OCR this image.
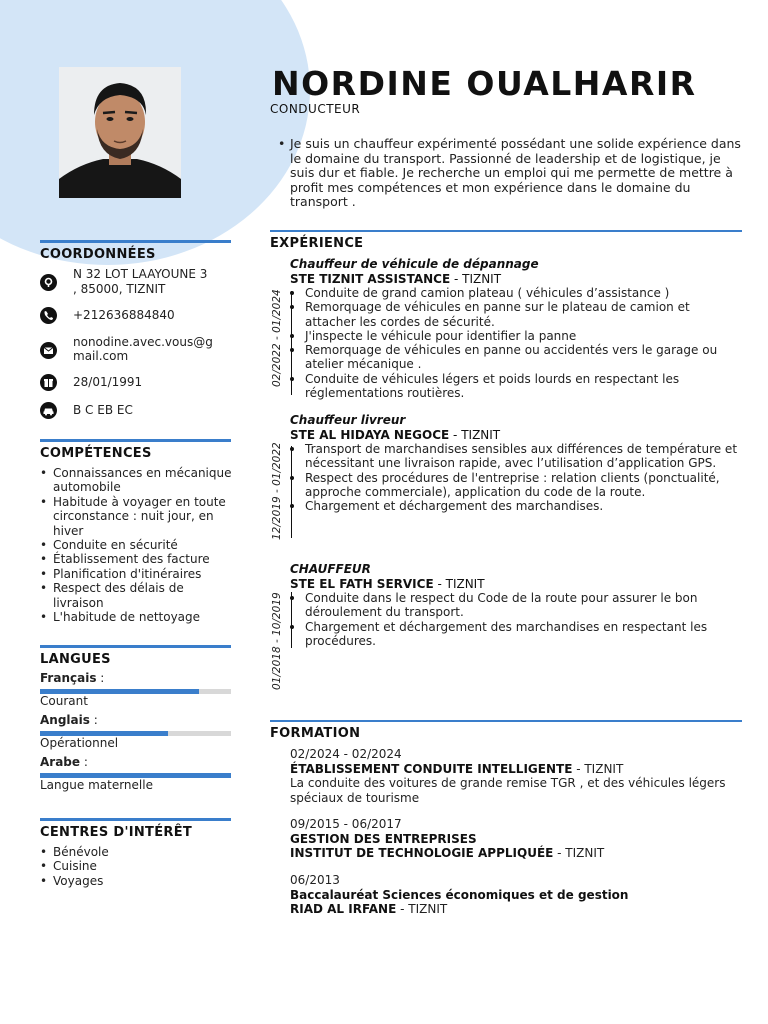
NORDINE OUALHARIR
CONDUCTEUR
• Je suis un chauffeur expérimenté possédant une solide expérience dans le domaine du transport. Passionné de leadership et de logistique, je suis dur et fiable. Je recherche un emploi qui me permette de mettre à profit mes compétences et mon expérience dans le domaine du transport .
COORDONNÉES
N 32 LOT LAAYOUNE 3
, 85000, TIZNIT
+212636884840
nonodine.avec.vous@g
mail.com
28/01/1991
B C EB EC
COMPÉTENCES
• Connaissances en mécanique automobile
• Habitude à voyager en toute circonstance : nuit jour, en hiver
• Conduite en sécurité
• Établissement des facture
• Planification d'itinéraires
• Respect des délais de livraison
• L'habitude de nettoyage
LANGUES
Français :
Courant
Anglais :
Opérationnel
Arabe :
Langue maternelle
CENTRES D'INTÉRÊT
• Bénévole
• Cuisine
• Voyages
EXPÉRIENCE
02/2022 - 01/2024
Chauffeur de véhicule de dépannage
STE TIZNIT ASSISTANCE - TIZNIT
Conduite de grand camion plateau ( véhicules d’assistance )
Remorquage de véhicules en panne sur le plateau de camion et attacher les cordes de sécurité.
J'inspecte le véhicule pour identifier la panne
Remorquage de véhicules en panne ou accidentés vers le garage ou atelier mécanique .
Conduite de véhicules légers et poids lourds en respectant les réglementations routières.
12/2019 - 01/2022
Chauffeur livreur
STE AL HIDAYA NEGOCE - TIZNIT
Transport de marchandises sensibles aux différences de température et nécessitant une livraison rapide, avec l’utilisation d’application GPS.
Respect des procédures de l'entreprise : relation clients (ponctualité, approche commerciale), application du code de la route.
Chargement et déchargement des marchandises.
01/2018 - 10/2019
CHAUFFEUR
STE EL FATH SERVICE - TIZNIT
Conduite dans le respect du Code de la route pour assurer le bon déroulement du transport.
Chargement et déchargement des marchandises en respectant les procédures.
FORMATION
02/2024 - 02/2024
ÉTABLISSEMENT CONDUITE INTELLIGENTE - TIZNIT
La conduite des voitures de grande remise TGR , et des véhicules légers spéciaux de tourisme
09/2015 - 06/2017
GESTION DES ENTREPRISES
INSTITUT DE TECHNOLOGIE APPLIQUÉE - TIZNIT
06/2013
Baccalauréat Sciences économiques et de gestion
RIAD AL IRFANE - TIZNIT
